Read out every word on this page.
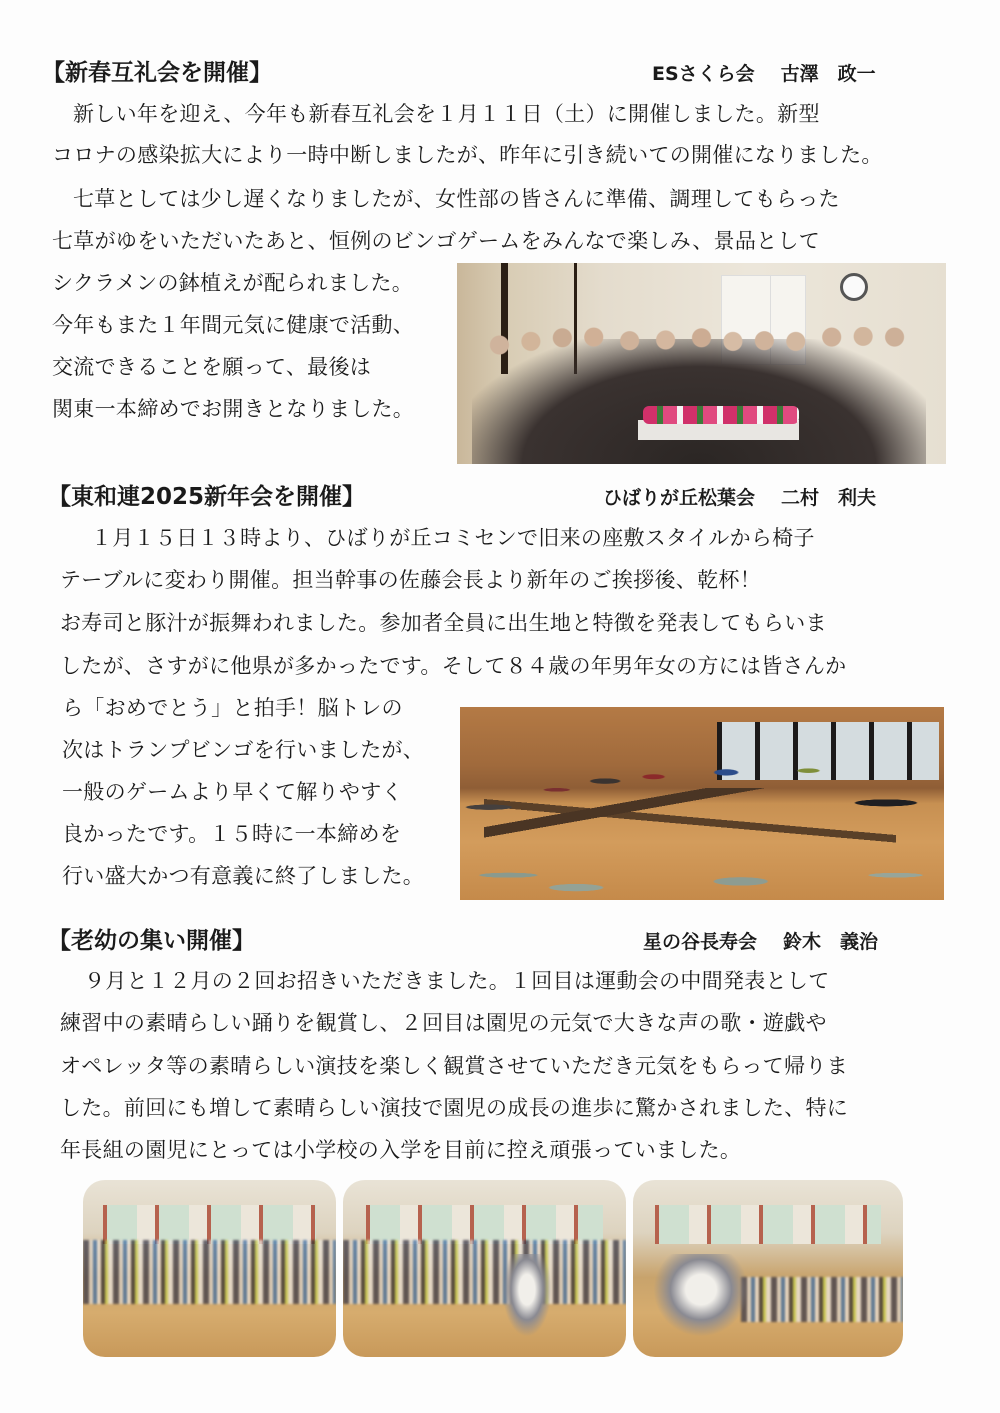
【新春互礼会を開催】	ESさくら会 古澤　政一
新しい年を迎え、今年も新春互礼会を１月１１日（土）に開催しました。新型
コロナの感染拡大により一時中断しましたが、昨年に引き続いての開催になりました。
七草としては少し遅くなりましたが、女性部の皆さんに準備、調理してもらった
七草がゆをいただいたあと、恒例のビンゴゲームをみんなで楽しみ、景品として
シクラメンの鉢植えが配られました。
今年もまた１年間元気に健康で活動、
交流できることを願って、最後は
関東一本締めでお開きとなりました。
【東和連2025新年会を開催】	ひばりが丘松葉会 二村　利夫
１月１５日１３時より、ひばりが丘コミセンで旧来の座敷スタイルから椅子
テーブルに変わり開催。担当幹事の佐藤会長より新年のご挨拶後、乾杯！
お寿司と豚汁が振舞われました。参加者全員に出生地と特徴を発表してもらいま
したが、さすがに他県が多かったです。そして８４歳の年男年女の方には皆さんか
ら「おめでとう」と拍手！脳トレの
次はトランプビンゴを行いましたが、
一般のゲームより早くて解りやすく
良かったです。１５時に一本締めを
行い盛大かつ有意義に終了しました。
【老幼の集い開催】	星の谷長寿会 鈴木　義治
９月と１２月の２回お招きいただきました。１回目は運動会の中間発表として
練習中の素晴らしい踊りを観賞し、２回目は園児の元気で大きな声の歌・遊戯や
オペレッタ等の素晴らしい演技を楽しく観賞させていただき元気をもらって帰りま
した。前回にも増して素晴らしい演技で園児の成長の進歩に驚かされました、特に
年長組の園児にとっては小学校の入学を目前に控え頑張っていました。
